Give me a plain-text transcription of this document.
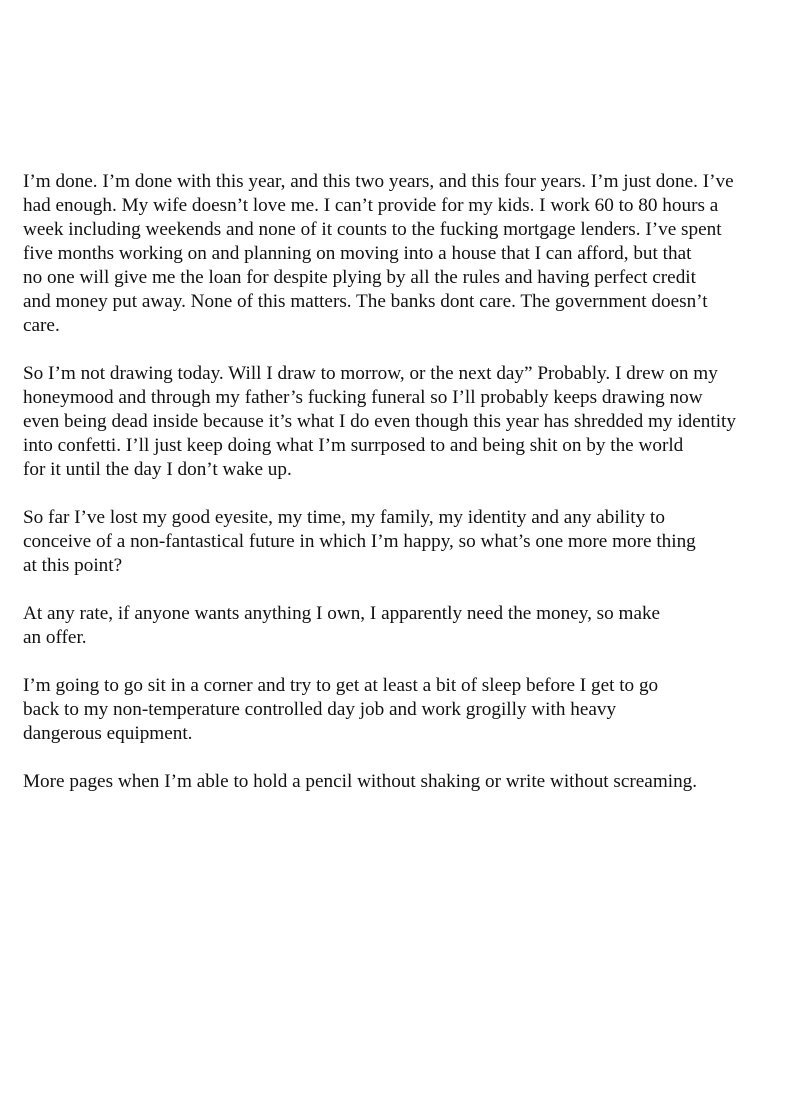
I’m done. I’m done with this year, and this two years, and this four years. I’m just done. I’ve
had enough. My wife doesn’t love me. I can’t provide for my kids. I work 60 to 80 hours a
week including weekends and none of it counts to the fucking mortgage lenders. I’ve spent
five months working on and planning on moving into a house that I can afford, but that
no one will give me the loan for despite plying by all the rules and having perfect credit
and money put away. None of this matters. The banks dont care. The government doesn’t
care.

So I’m not drawing today. Will I draw to morrow, or the next day” Probably. I drew on my
honeymood and through my father’s fucking funeral so I’ll probably keeps drawing now
even being dead inside because it’s what I do even though this year has shredded my identity
into confetti. I’ll just keep doing what I’m surrposed to and being shit on by the world
for it until the day I don’t wake up.

So far I’ve lost my good eyesite, my time, my family, my identity and any ability to
conceive of a non-fantastical future in which I’m happy, so what’s one more more thing
at this point?

At any rate, if anyone wants anything I own, I apparently need the money, so make
an offer.

I’m going to go sit in a corner and try to get at least a bit of sleep before I get to go
back to my non-temperature controlled day job and work grogilly with heavy
dangerous equipment.

More pages when I’m able to hold a pencil without shaking or write without screaming.
